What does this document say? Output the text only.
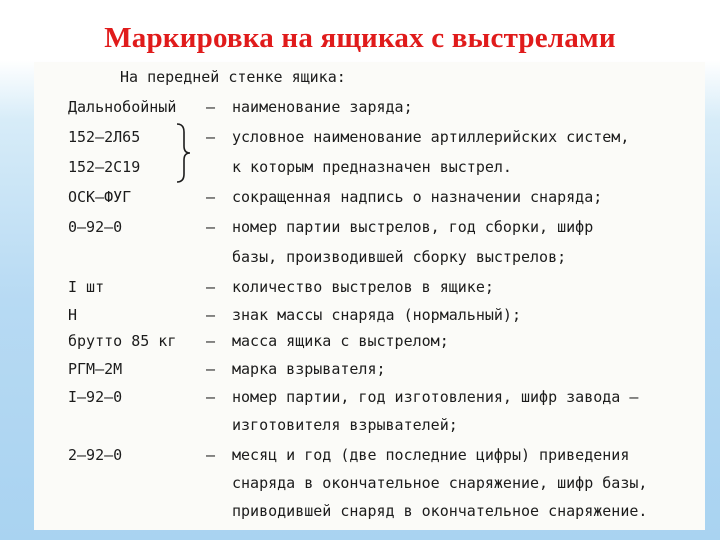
Маркировка на ящиках с выстрелами
На передней стенке ящика:
Дальнобойный – наименование заряда;
152–2Л65	– условное наименование артиллерийских систем,
152–2С19	к которым предназначен выстрел.
ОСК–ФУГ	– сокращенная надпись о назначении снаряда;
0–92–0	– номер партии выстрелов, год сборки, шифр
базы, производившей сборку выстрелов;
I шт	– количество выстрелов в ящике;
Н	– знак массы снаряда (нормальный);
брутто 85 кг – масса ящика с выстрелом;
РГМ–2М	– марка взрывателя;
I–92–0	– номер партии, год изготовления, шифр завода –
изготовителя взрывателей;
2–92–0	– месяц и год (две последние цифры) приведения
снаряда в окончательное снаряжение, шифр базы,
приводившей снаряд в окончательное снаряжение.
